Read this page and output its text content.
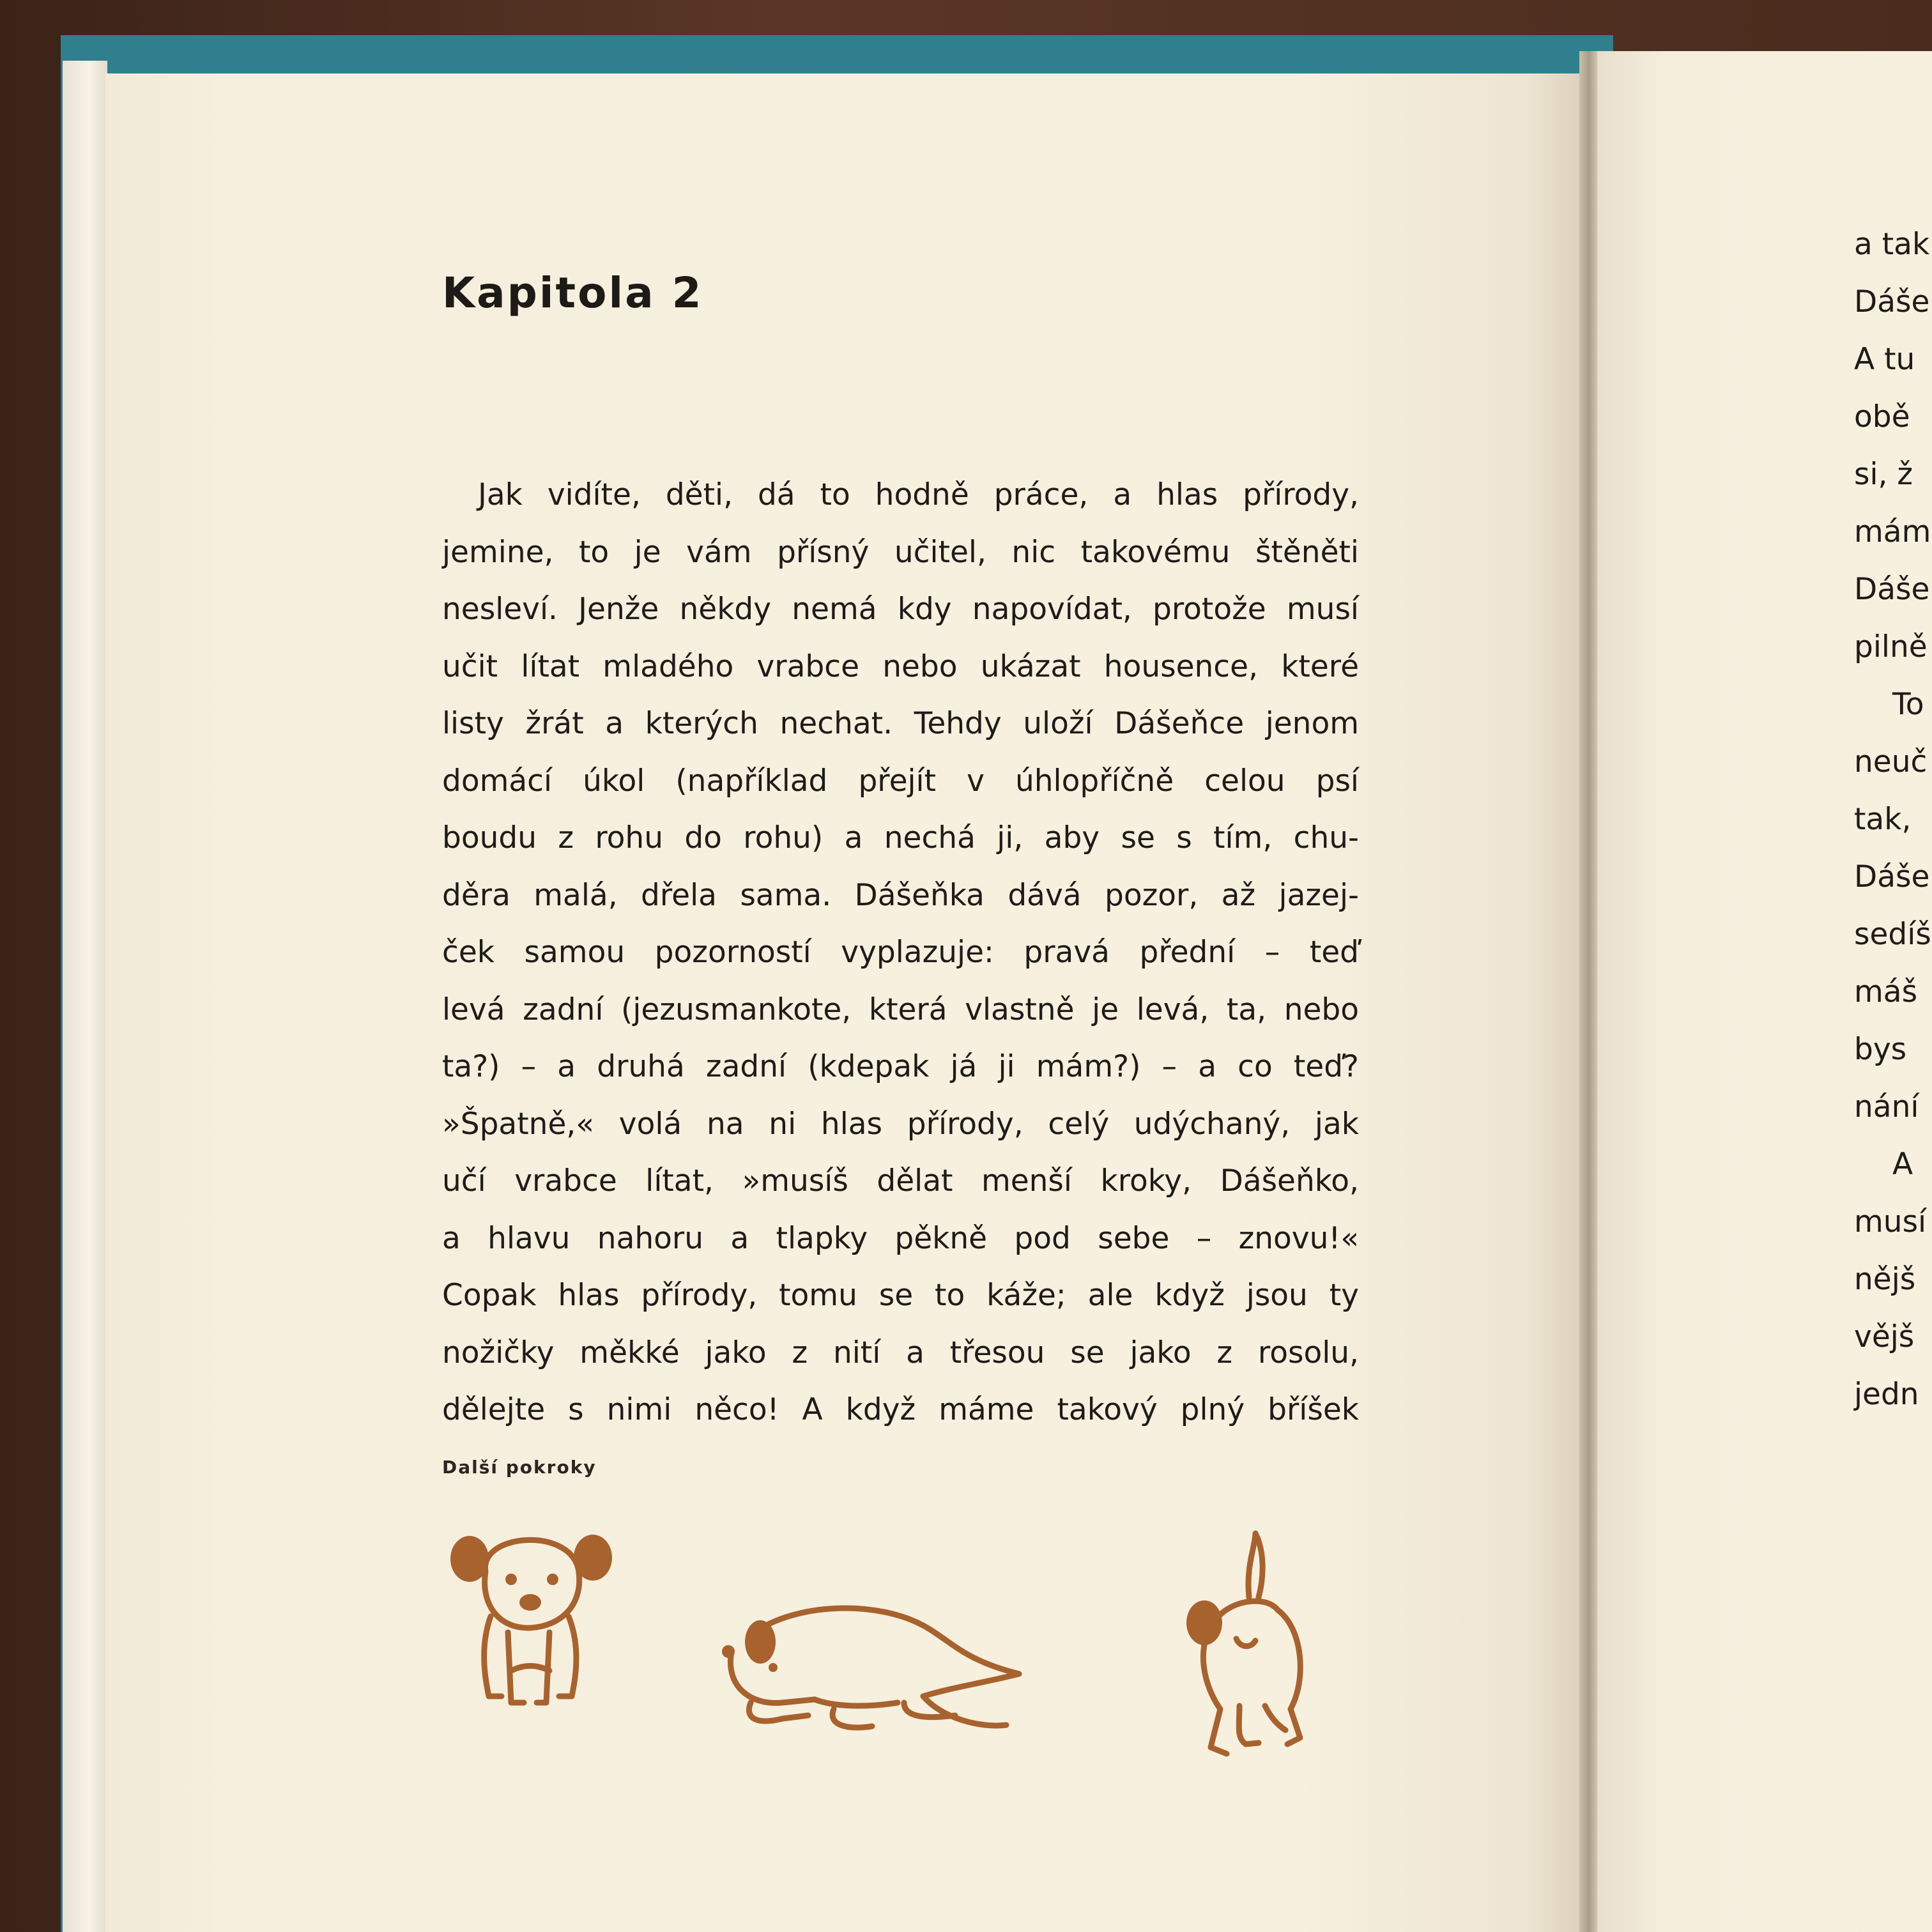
Kapitola 2
Jak vidíte, děti, dá to hodně práce, a hlas přírody,
jemine, to je vám přísný učitel, nic takovému štěněti
nesleví. Jenže někdy nemá kdy napovídat, protože musí
učit lítat mladého vrabce nebo ukázat housence, které
listy žrát a kterých nechat. Tehdy uloží Dášeňce jenom
domácí úkol (například přejít v úhlopříčně celou psí
boudu z rohu do rohu) a nechá ji, aby se s tím, chu-
děra malá, dřela sama. Dášeňka dává pozor, až jazej-
ček samou pozorností vyplazuje: pravá přední – teď
levá zadní (jezusmankote, která vlastně je levá, ta, nebo
ta?) – a druhá zadní (kdepak já ji mám?) – a co teď?
»Špatně,« volá na ni hlas přírody, celý udýchaný, jak
učí vrabce lítat, »musíš dělat menší kroky, Dášeňko,
a hlavu nahoru a tlapky pěkně pod sebe – znovu!«
Copak hlas přírody, tomu se to káže; ale když jsou ty
nožičky měkké jako z nití a třesou se jako z rosolu,
dělejte s nimi něco! A když máme takový plný bříšek

Další pokroky

a tak
Dáše
A tu
obě
si, ž
mám
Dáše
pilně
To
neuč
tak,
Dáše
sedíš
máš
bys
nání
A
musí
nějš
vějš
jedn
